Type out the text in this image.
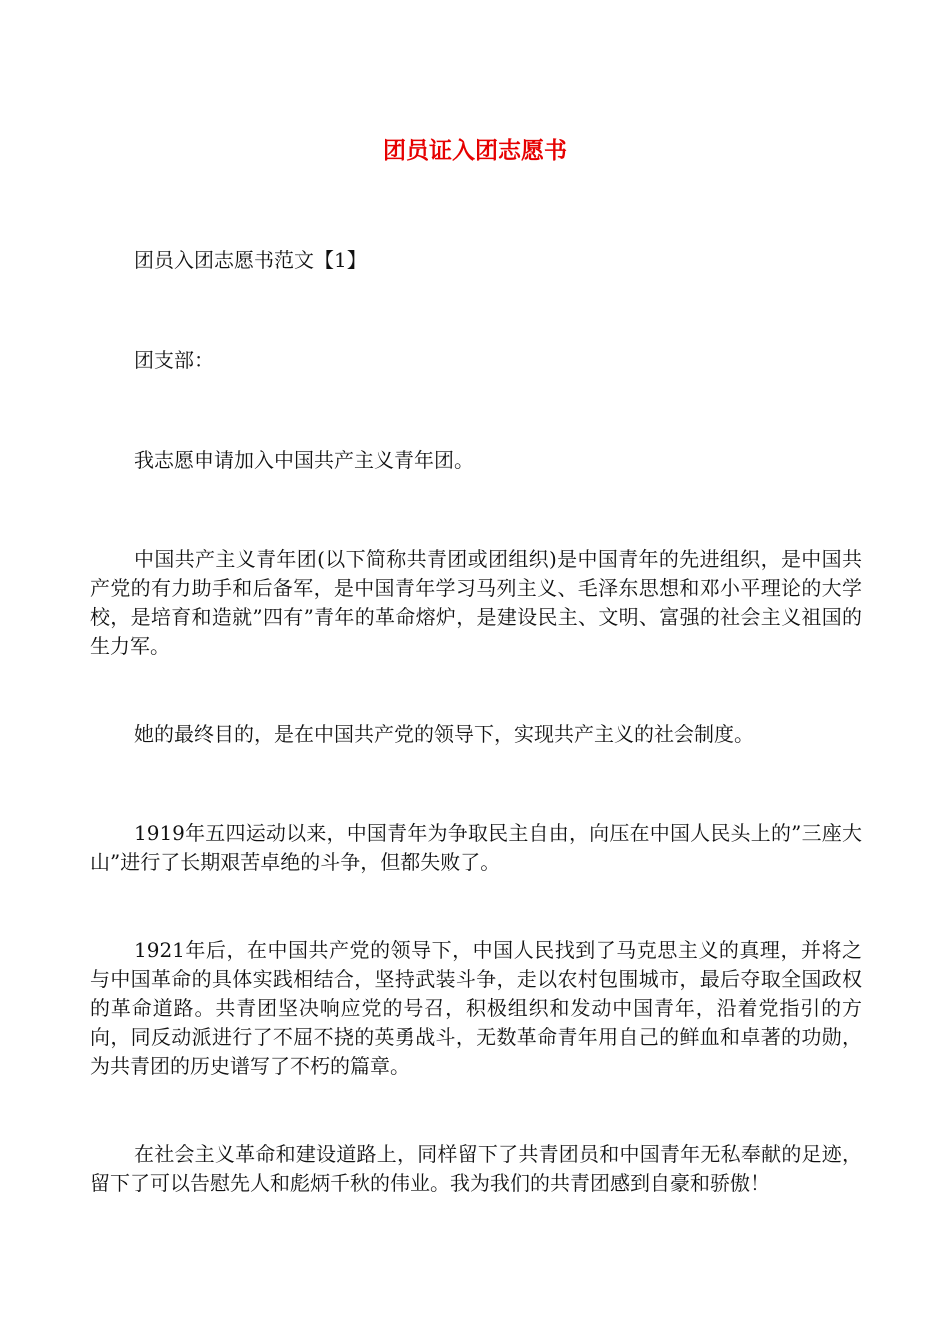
团员证入团志愿书

团员入团志愿书范文【1】

团支部：

我志愿申请加入中国共产主义青年团。

中国共产主义青年团(以下简称共青团或团组织)是中国青年的先进组织，是中国共产党的有力助手和后备军，是中国青年学习马列主义、毛泽东思想和邓小平理论的大学校，是培育和造就”四有”青年的革命熔炉，是建设民主、文明、富强的社会主义祖国的生力军。

她的最终目的，是在中国共产党的领导下，实现共产主义的社会制度。

1919年五四运动以来，中国青年为争取民主自由，向压在中国人民头上的”三座大山”进行了长期艰苦卓绝的斗争，但都失败了。

1921年后，在中国共产党的领导下，中国人民找到了马克思主义的真理，并将之与中国革命的具体实践相结合，坚持武装斗争，走以农村包围城市，最后夺取全国政权的革命道路。共青团坚决响应党的号召，积极组织和发动中国青年，沿着党指引的方向，同反动派进行了不屈不挠的英勇战斗，无数革命青年用自己的鲜血和卓著的功勋，为共青团的历史谱写了不朽的篇章。

在社会主义革命和建设道路上，同样留下了共青团员和中国青年无私奉献的足迹，留下了可以告慰先人和彪炳千秋的伟业。我为我们的共青团感到自豪和骄傲！
